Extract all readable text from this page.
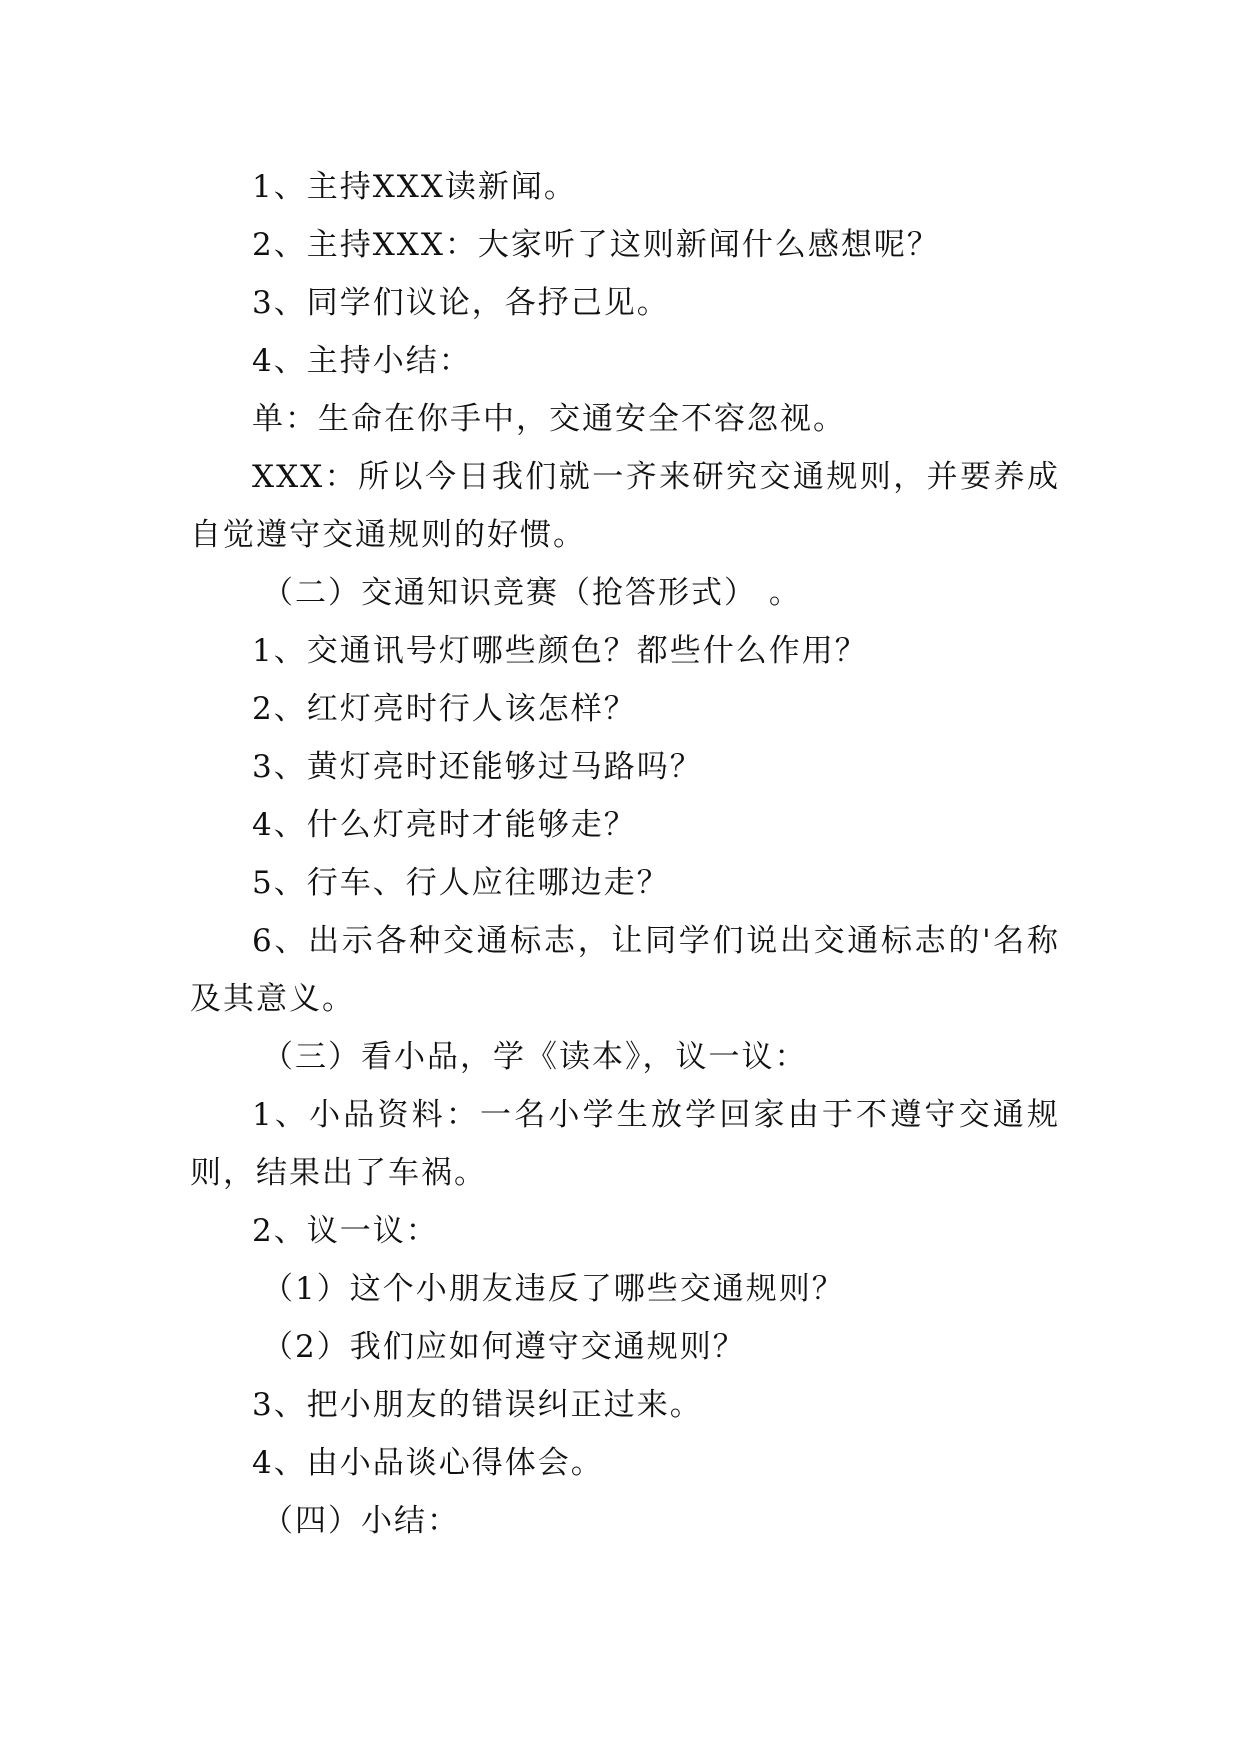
1、主持XXX读新闻。

2、主持XXX：大家听了这则新闻什么感想呢？

3、同学们议论，各抒己见。

4、主持小结：

单：生命在你手中，交通安全不容忽视。

XXX：所以今日我们就一齐来研究交通规则，并要养成自觉遵守交通规则的好惯。

（二）交通知识竞赛（抢答形式） 。

1、交通讯号灯哪些颜色？都些什么作用？

2、红灯亮时行人该怎样？

3、黄灯亮时还能够过马路吗？

4、什么灯亮时才能够走？

5、行车、行人应往哪边走？

6、出示各种交通标志，让同学们说出交通标志的'名称及其意义。

（三）看小品，学《读本》，议一议：

1、小品资料：一名小学生放学回家由于不遵守交通规则，结果出了车祸。

2、议一议：

（1）这个小朋友违反了哪些交通规则？

（2）我们应如何遵守交通规则？

3、把小朋友的错误纠正过来。

4、由小品谈心得体会。

（四）小结：
